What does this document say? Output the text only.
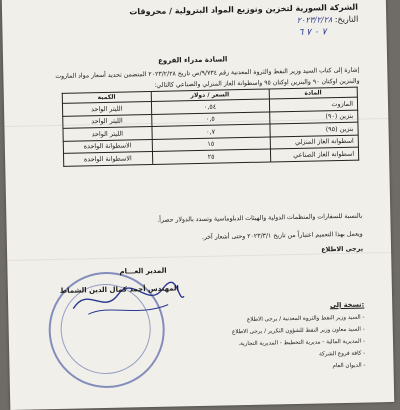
الشركة السورية لتخزين وتوزيع المواد البترولية / محروقات
التاريخ: ٢٠٢٣/٢/٢٨
٧ ٠ ٧ ٦
السادة مدراء الفروع
إشارة إلى كتاب السيد وزير النفط والثروة المعدنية رقم ٩/٧٣٤/ص تاريخ ٢٠٢٣/٢/٢٨ المتضمن تحديد أسعار مواد المازوت والبنزين اوكتان ٩٠ والبنزين اوكتان ٩٥ واسطوانة الغاز المنزلي والصناعي كالتالي:
المادة	السعر / دولار	الكمية
المازوت	٠,٥٤	الليتر الواحد
بنزين (٩٠)	٠,٥	الليتر الواحد
بنزين (٩٥)	٠,٧	الليتر الواحد
اسطوانة الغاز المنزلي	١٥	الاسطوانة الواحدة
اسطوانة الغاز الصناعي	٢٥	الاسطوانة الواحدة
بالنسبة للسفارات والمنظمات الدولية والهيئات الدبلوماسية وتسدد بالدولار حصراً.
ويعمل بهذا التعميم اعتباراً من تاريخ ٢٠٢٣/٣/١ وحتى أشعار آخر.
يرجى الاطلاع
المدير العـــام
المهندس أحمد كمال الدين الشماط
نسخة إلى:
- السيد وزير النفط والثروة المعدنية / يرجى الاطلاع
- السيد معاون وزير النفط للشؤون التكرير / يرجى الاطلاع
- المديرية المالية - مديرية التخطيط - المديرية التجارية.
- كافة فروع الشركة
- الديوان العام
